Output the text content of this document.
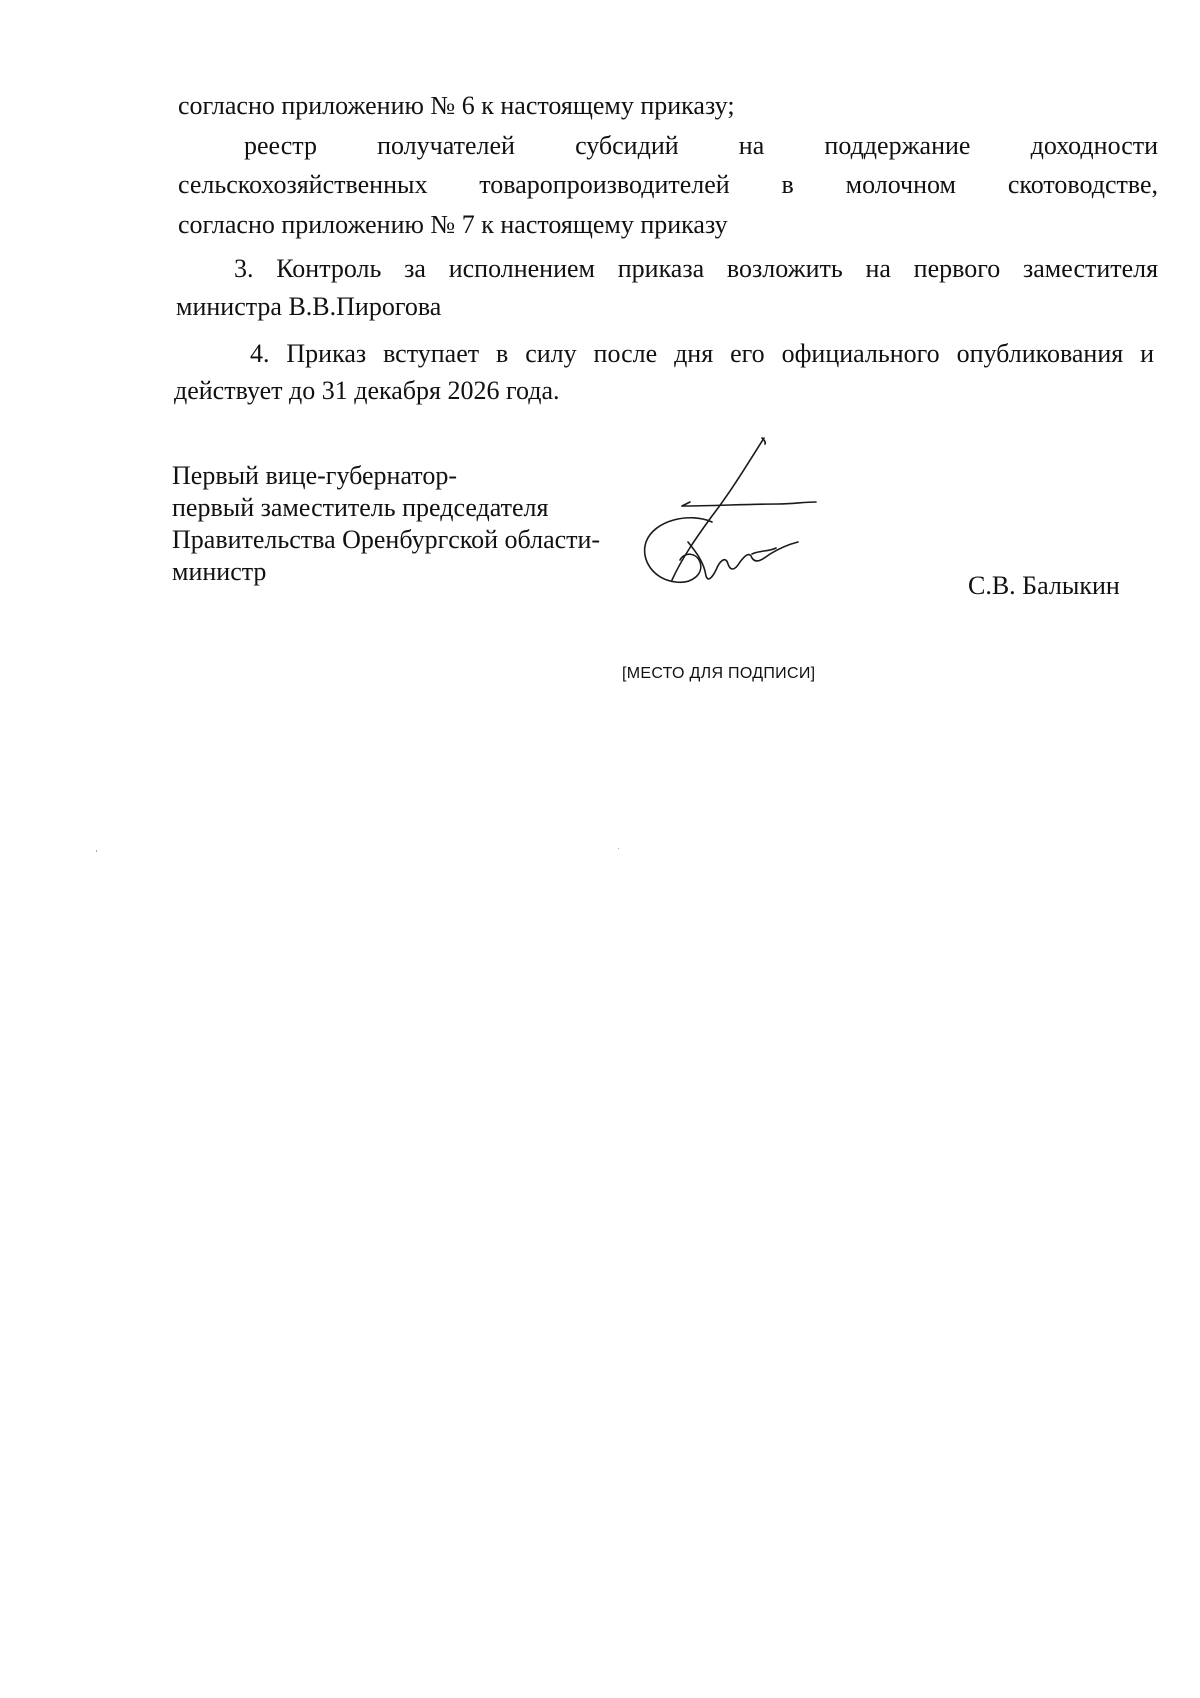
согласно приложению № 6 к настоящему приказу;
реестр получателей субсидий на поддержание доходности
сельскохозяйственных товаропроизводителей в молочном скотоводстве,
согласно приложению № 7 к настоящему приказу
3. Контроль за исполнением приказа возложить на первого заместителя
министра В.В.Пирогова
4. Приказ вступает в силу после дня его официального опубликования и
действует до 31 декабря 2026 года.
Первый вице-губернатор-
первый заместитель председателя
Правительства Оренбургской области-
министр	С.В. Балыкин
[МЕСТО ДЛЯ ПОДПИСИ]
